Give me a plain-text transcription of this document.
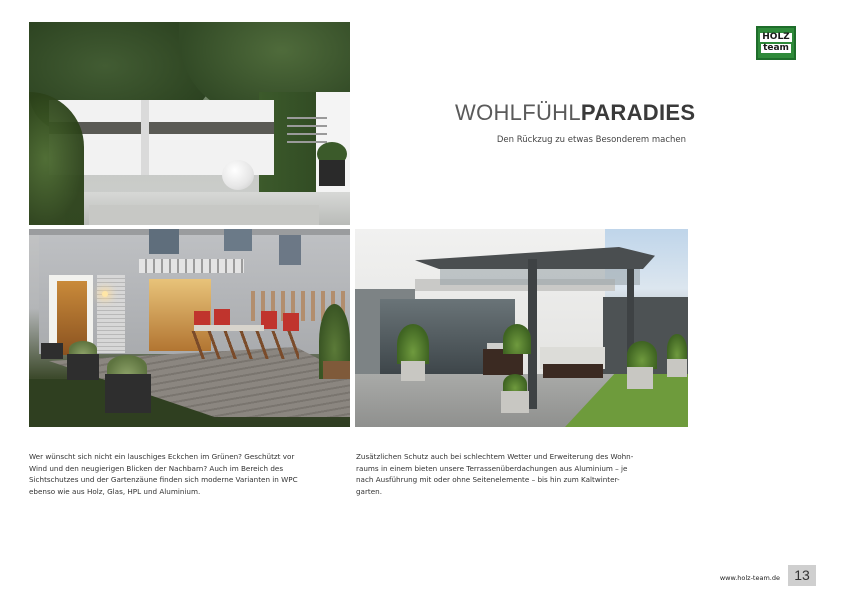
HOLZ
team
WOHLFÜHLPARADIES
Den Rückzug zu etwas Besonderem machen
Wer wünscht sich nicht ein lauschiges Eckchen im Grünen? Geschützt vor
Wind und den neugierigen Blicken der Nachbarn? Auch im Bereich des
Sichtschutzes und der Gartenzäune finden sich moderne Varianten in WPC
ebenso wie aus Holz, Glas, HPL und Aluminium.
Zusätzlichen Schutz auch bei schlechtem Wetter und Erweiterung des Wohn-
raums in einem bieten unsere Terrassenüberdachungen aus Aluminium – je
nach Ausführung mit oder ohne Seitenelemente – bis hin zum Kaltwinter-
garten.
www.holz-team.de	13
